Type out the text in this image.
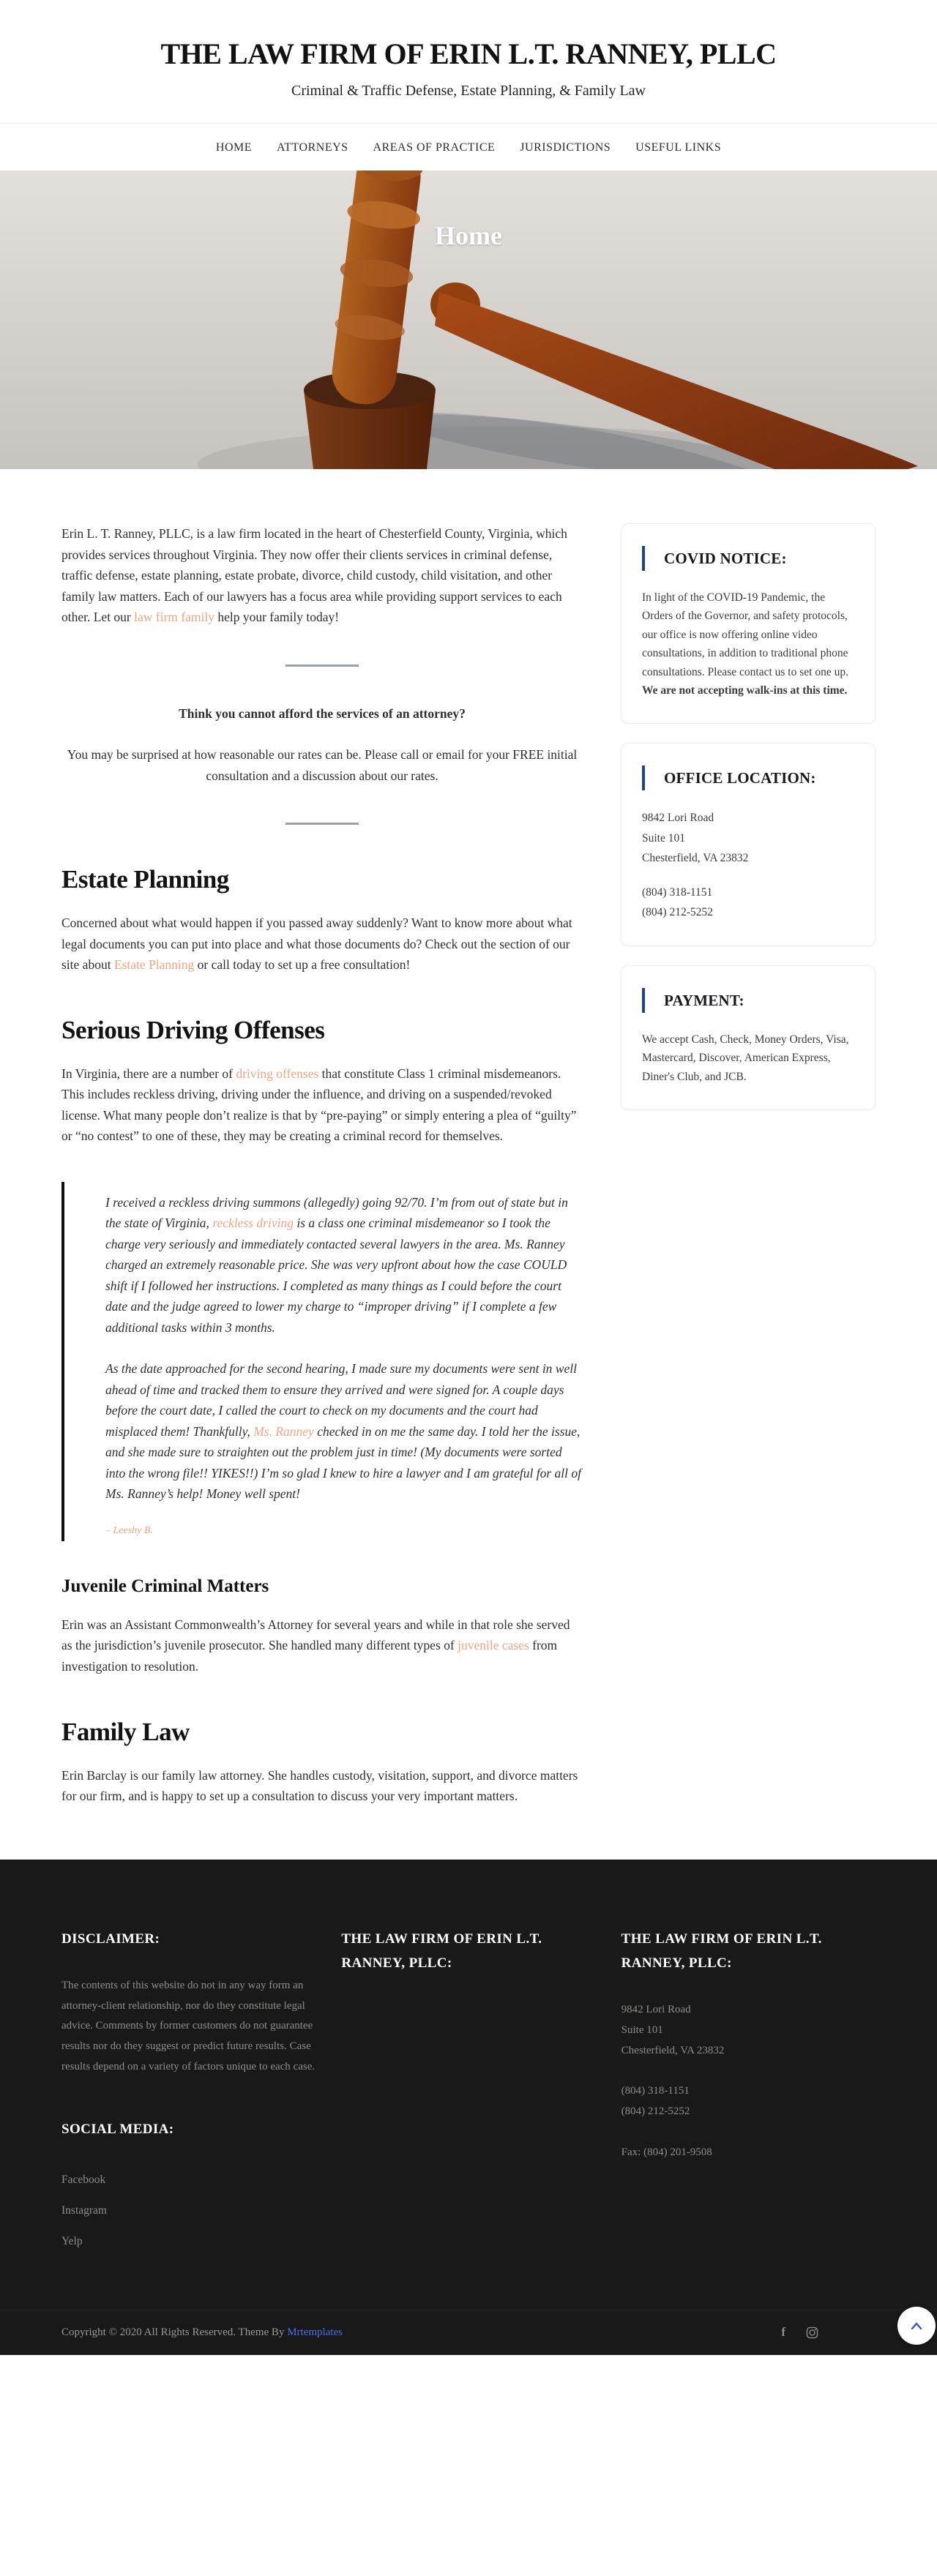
THE LAW FIRM OF ERIN L.T. RANNEY, PLLC

Criminal & Traffic Defense, Estate Planning, & Family Law

HOME ATTORNEYS AREAS OF PRACTICE JURISDICTIONS USEFUL LINKS
Home

Erin L. T. Ranney, PLLC, is a law firm located in the heart of Chesterfield County, Virginia, which provides services throughout Virginia. They now offer their clients services in criminal defense, traffic defense, estate planning, estate probate, divorce, child custody, child visitation, and other family law matters. Each of our lawyers has a focus area while providing support services to each other. Let our law firm family help your family today!

Think you cannot afford the services of an attorney?

You may be surprised at how reasonable our rates can be. Please call or email for your FREE initial consultation and a discussion about our rates.

Estate Planning

Concerned about what would happen if you passed away suddenly? Want to know more about what legal documents you can put into place and what those documents do? Check out the section of our site about Estate Planning or call today to set up a free consultation!

Serious Driving Offenses

In Virginia, there are a number of driving offenses that constitute Class 1 criminal misdemeanors. This includes reckless driving, driving under the influence, and driving on a suspended/revoked license. What many people don’t realize is that by “pre-paying” or simply entering a plea of “guilty” or “no contest” to one of these, they may be creating a criminal record for themselves.

I received a reckless driving summons (allegedly) going 92/70. I’m from out of state but in the state of Virginia, reckless driving is a class one criminal misdemeanor so I took the charge very seriously and immediately contacted several lawyers in the area. Ms. Ranney charged an extremely reasonable price. She was very upfront about how the case COULD shift if I followed her instructions. I completed as many things as I could before the court date and the judge agreed to lower my charge to “improper driving” if I complete a few additional tasks within 3 months.

As the date approached for the second hearing, I made sure my documents were sent in well ahead of time and tracked them to ensure they arrived and were signed for. A couple days before the court date, I called the court to check on my documents and the court had misplaced them! Thankfully, Ms. Ranney checked in on me the same day. I told her the issue, and she made sure to straighten out the problem just in time! (My documents were sorted into the wrong file!! YIKES!!) I’m so glad I knew to hire a lawyer and I am grateful for all of Ms. Ranney’s help! Money well spent!

– Leeshy B.
Juvenile Criminal Matters

Erin was an Assistant Commonwealth’s Attorney for several years and while in that role she served as the jurisdiction’s juvenile prosecutor. She handled many different types of juvenile cases from investigation to resolution.

Family Law

Erin Barclay is our family law attorney. She handles custody, visitation, support, and divorce matters for our firm, and is happy to set up a consultation to discuss your very important matters.

COVID NOTICE:
In light of the COVID-19 Pandemic, the Orders of the Governor, and safety protocols, our office is now offering online video consultations, in addition to traditional phone consultations. Please contact us to set one up. We are not accepting walk-ins at this time.
OFFICE LOCATION:
9842 Lori Road
Suite 101
Chesterfield, VA 23832
(804) 318-1151
(804) 212-5252
PAYMENT:
We accept Cash, Check, Money Orders, Visa, Mastercard, Discover, American Express, Diner's Club, and JCB.
DISCLAIMER:
The contents of this website do not in any way form an attorney-client relationship, nor do they constitute legal advice. Comments by former customers do not guarantee results nor do they suggest or predict future results. Case results depend on a variety of factors unique to each case.
SOCIAL MEDIA:
Facebook
Instagram
Yelp
THE LAW FIRM OF ERIN L.T. RANNEY, PLLC:
THE LAW FIRM OF ERIN L.T. RANNEY, PLLC:
9842 Lori Road
Suite 101
Chesterfield, VA 23832
(804) 318-1151
(804) 212-5252
Fax: (804) 201-9508
Copyright © 2020 All Rights Reserved. Theme By Mrtemplates	f
